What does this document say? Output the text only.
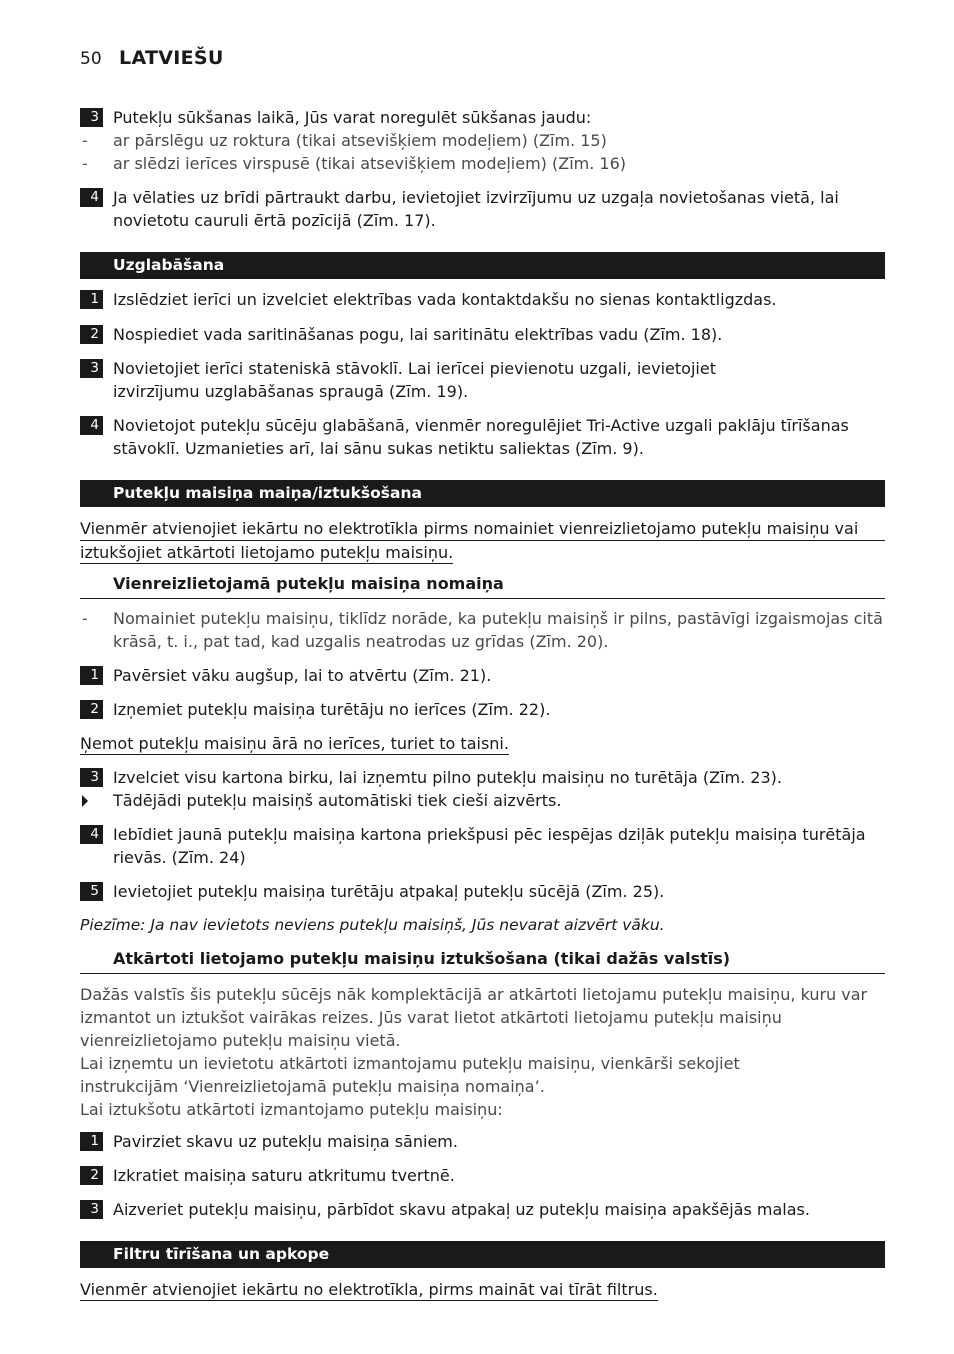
50 LATVIEŠU
3 Putekļu sūkšanas laikā, Jūs varat noregulēt sūkšanas jaudu:
- ar pārslēgu uz roktura (tikai atsevišķiem modeļiem) (Zīm. 15)
- ar slēdzi ierīces virspusē (tikai atsevišķiem modeļiem) (Zīm. 16)
4 Ja vēlaties uz brīdi pārtraukt darbu, ievietojiet izvirzījumu uz uzgaļa novietošanas vietā, lai
novietotu cauruli ērtā pozīcijā (Zīm. 17).
Uzglabāšana
1 Izslēdziet ierīci un izvelciet elektrības vada kontaktdakšu no sienas kontaktligzdas.
2 Nospiediet vada saritināšanas pogu, lai saritinātu elektrības vadu (Zīm. 18).
3 Novietojiet ierīci stateniskā stāvoklī. Lai ierīcei pievienotu uzgali, ievietojiet
izvirzījumu uzglabāšanas spraugā (Zīm. 19).
4 Novietojot putekļu sūcēju glabāšanā, vienmēr noregulējiet Tri-Active uzgali paklāju tīrīšanas
stāvoklī. Uzmanieties arī, lai sānu sukas netiktu saliektas (Zīm. 9).
Putekļu maisiņa maiņa/iztukšošana
Vienmēr atvienojiet iekārtu no elektrotīkla pirms nomainiet vienreizlietojamo putekļu maisiņu vai
iztukšojiet atkārtoti lietojamo putekļu maisiņu.
Vienreizlietojamā putekļu maisiņa nomaiņa
- Nomainiet putekļu maisiņu, tiklīdz norāde, ka putekļu maisiņš ir pilns, pastāvīgi izgaismojas citā
krāsā, t. i., pat tad, kad uzgalis neatrodas uz grīdas (Zīm. 20).
1 Pavērsiet vāku augšup, lai to atvērtu (Zīm. 21).
2 Izņemiet putekļu maisiņa turētāju no ierīces (Zīm. 22).
Ņemot putekļu maisiņu ārā no ierīces, turiet to taisni.
3 Izvelciet visu kartona birku, lai izņemtu pilno putekļu maisiņu no turētāja (Zīm. 23).
Tādējādi putekļu maisiņš automātiski tiek cieši aizvērts.
4 Iebīdiet jaunā putekļu maisiņa kartona priekšpusi pēc iespējas dziļāk putekļu maisiņa turētāja
rievās. (Zīm. 24)
5 Ievietojiet putekļu maisiņa turētāju atpakaļ putekļu sūcējā (Zīm. 25).
Piezīme: Ja nav ievietots neviens putekļu maisiņš, Jūs nevarat aizvērt vāku.
Atkārtoti lietojamo putekļu maisiņu iztukšošana (tikai dažās valstīs)
Dažās valstīs šis putekļu sūcējs nāk komplektācijā ar atkārtoti lietojamu putekļu maisiņu, kuru var
izmantot un iztukšot vairākas reizes. Jūs varat lietot atkārtoti lietojamu putekļu maisiņu
vienreizlietojamo putekļu maisiņu vietā.
Lai izņemtu un ievietotu atkārtoti izmantojamu putekļu maisiņu, vienkārši sekojiet
instrukcijām ‘Vienreizlietojamā putekļu maisiņa nomaiņa’.
Lai iztukšotu atkārtoti izmantojamo putekļu maisiņu:
1 Pavirziet skavu uz putekļu maisiņa sāniem.
2 Izkratiet maisiņa saturu atkritumu tvertnē.
3 Aizveriet putekļu maisiņu, pārbīdot skavu atpakaļ uz putekļu maisiņa apakšējās malas.
Filtru tīrīšana un apkope
Vienmēr atvienojiet iekārtu no elektrotīkla, pirms maināt vai tīrāt filtrus.
